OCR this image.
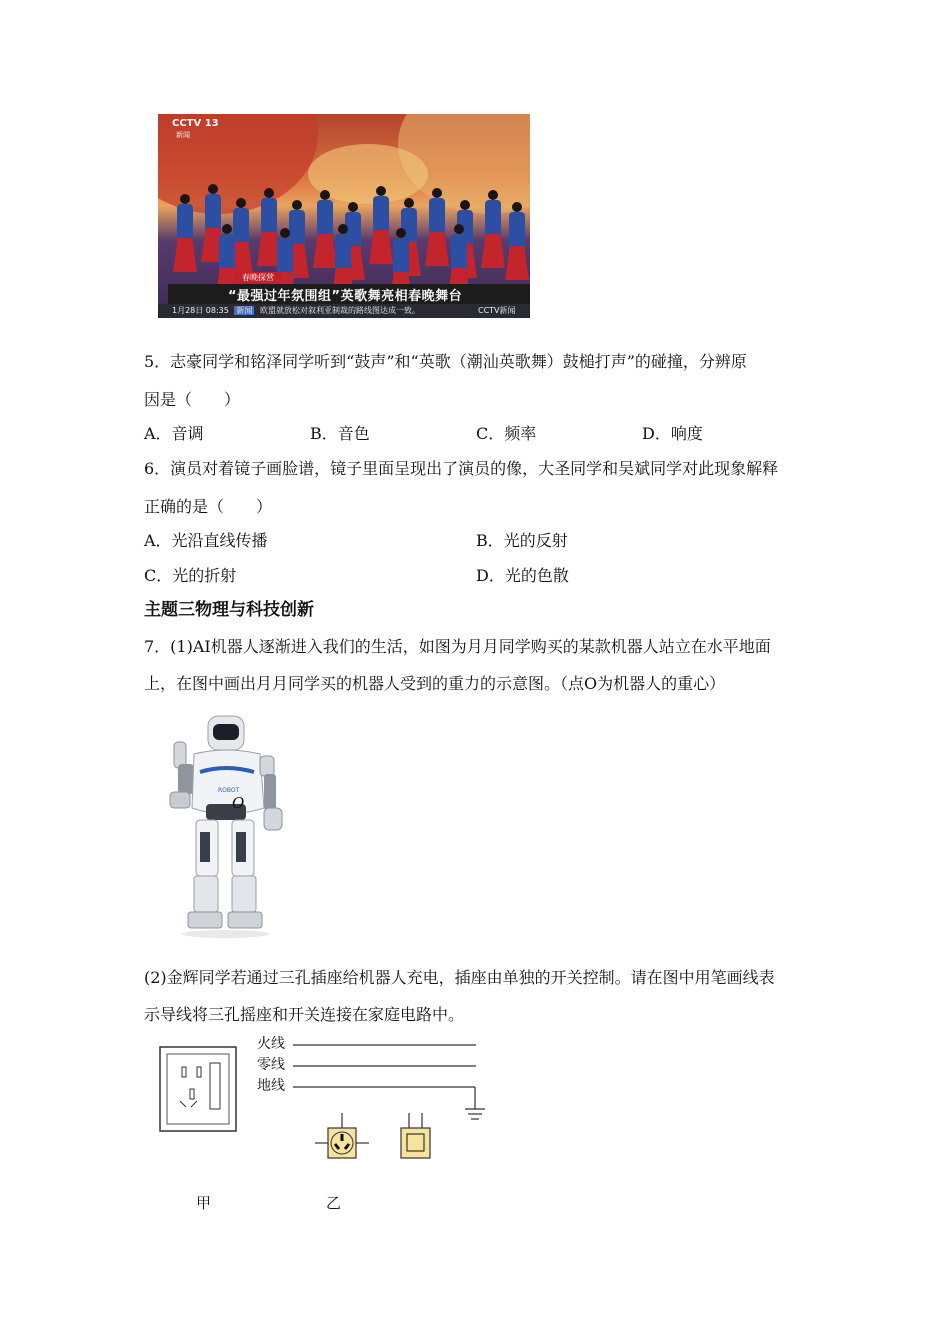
CCTV 13
新闻
春晚探营
“最强过年氛围组”英歌舞亮相春晚舞台
1月28日 08:35 新闻 欧盟就放松对叙利亚制裁的路线图达成一致。	CCTV新闻
5．志豪同学和铭泽同学听到“鼓声”和“英歌（潮汕英歌舞）鼓槌打声”的碰撞，分辨原
因是（　　）
A．音调	B．音色	C．频率	D．响度
6．演员对着镜子画脸谱，镜子里面呈现出了演员的像，大圣同学和吴斌同学对此现象解释
正确的是（　　）
A．光沿直线传播	B．光的反射
C．光的折射	D．光的色散
主题三物理与科技创新
7．(1)AI机器人逐渐进入我们的生活，如图为月月同学购买的某款机器人站立在水平地面
上，在图中画出月月同学买的机器人受到的重力的示意图。（点O为机器人的重心）
ROBOT
O
(2)金辉同学若通过三孔插座给机器人充电，插座由单独的开关控制。请在图中用笔画线表
示导线将三孔摇座和开关连接在家庭电路中。
火线
零线
地线
甲	乙
